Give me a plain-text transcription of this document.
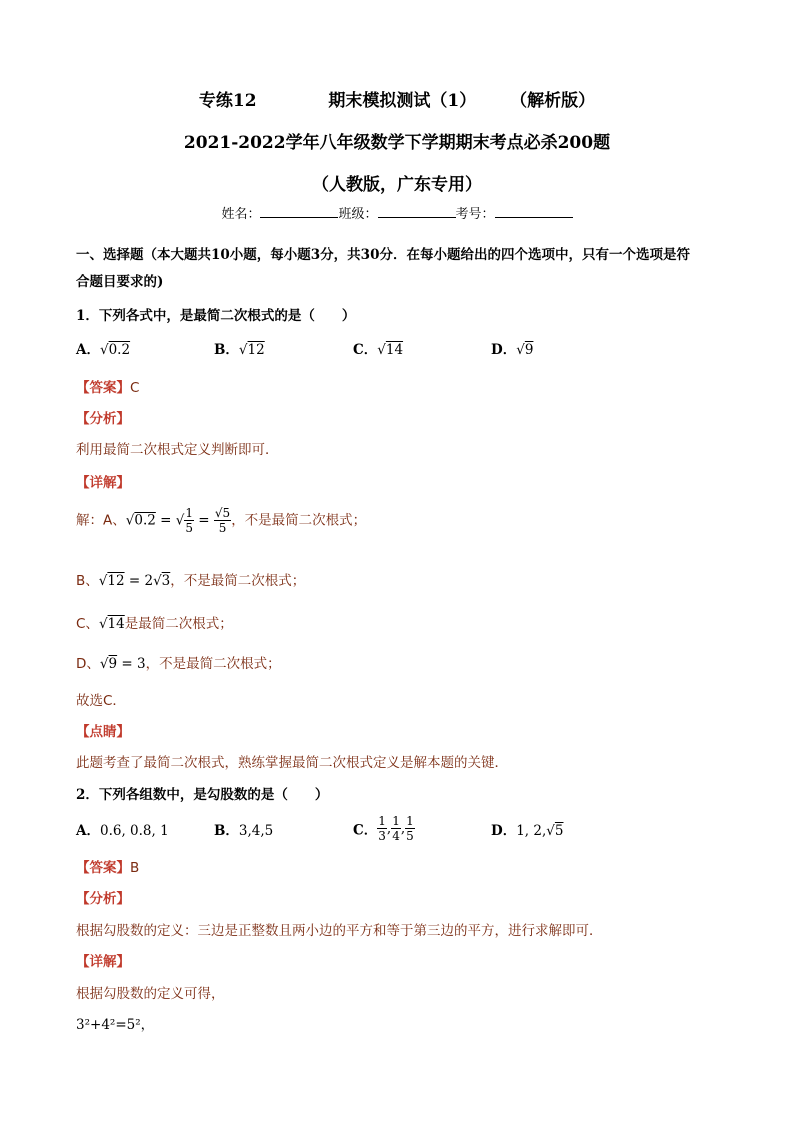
专练12	期末模拟测试（1） （解析版）
2021-2022学年八年级数学下学期期末考点必杀200题
（人教版，广东专用）
姓名：	班级：	考号：
一、选择题（本大题共10小题，每小题3分，共30分．在每小题给出的四个选项中，只有一个选项是符
合题目要求的)
1．下列各式中，是最简二次根式的是（　　）
A．√0.2	B．√12	C．√14	D．√9
【答案】C
【分析】
利用最简二次根式定义判断即可．
【详解】
解：A、√0.2 = √ $\frac{1}{5} = \frac{√5}{5}$ ，不是最简二次根式；
B、√12 = 2√3，不是最简二次根式；
C、√14是最简二次根式；
D、√9 = 3，不是最简二次根式；
故选C．
【点睛】
此题考查了最简二次根式，熟练掌握最简二次根式定义是解本题的关键．
2．下列各组数中，是勾股数的是（　　）
A．0.6, 0.8, 1	B．3,4,5	C． $\frac{1}{3}$ , $\frac{1}{4}$ , $\frac{1}{5}$	D．1, 2,√5
【答案】B
【分析】
根据勾股数的定义：三边是正整数且两小边的平方和等于第三边的平方，进行求解即可．
【详解】
根据勾股数的定义可得，
3²+4²=5²，
